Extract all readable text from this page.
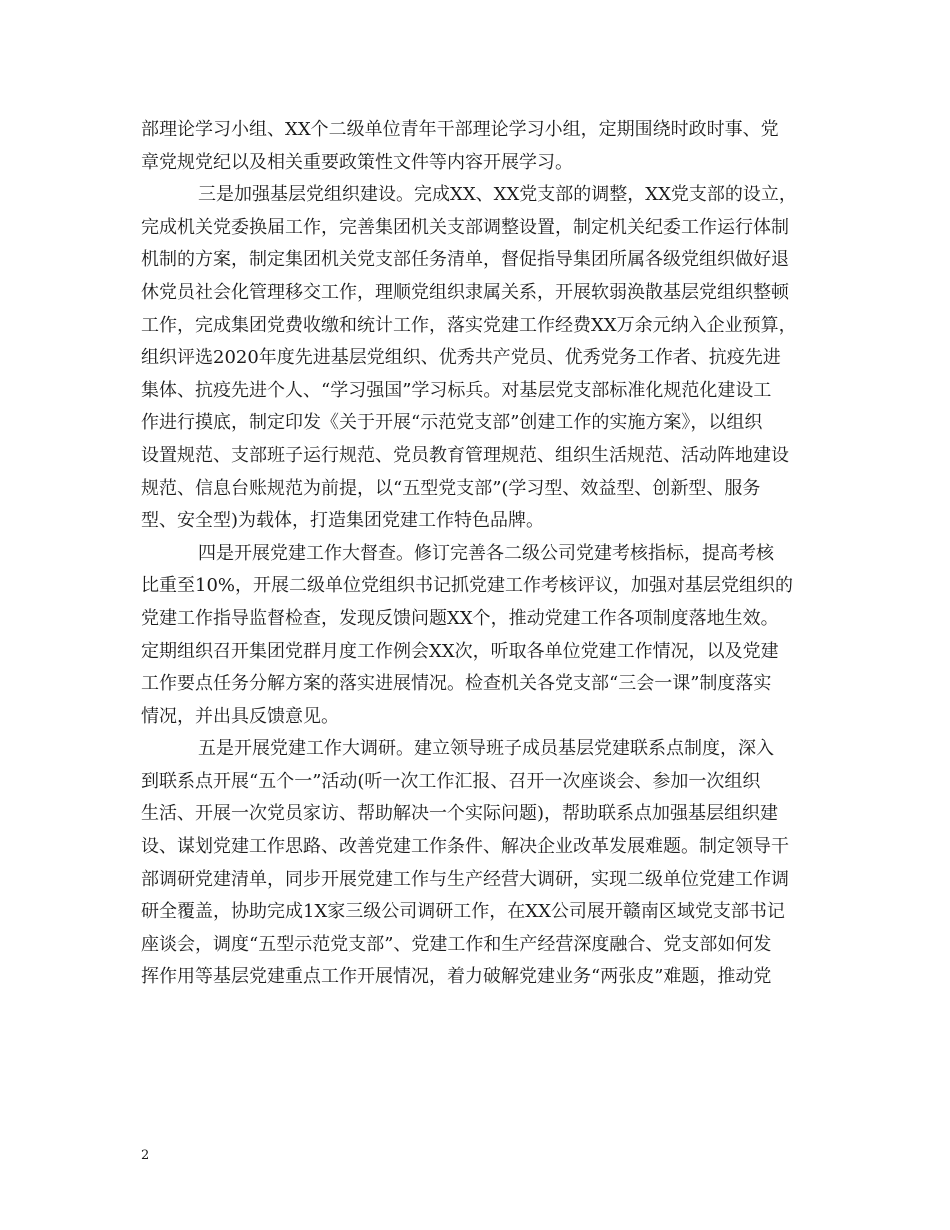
部理论学习小组、XX个二级单位青年干部理论学习小组，定期围绕时政时事、党
章党规党纪以及相关重要政策性文件等内容开展学习。
三是加强基层党组织建设。完成XX、XX党支部的调整，XX党支部的设立，
完成机关党委换届工作，完善集团机关支部调整设置，制定机关纪委工作运行体制
机制的方案，制定集团机关党支部任务清单，督促指导集团所属各级党组织做好退
休党员社会化管理移交工作，理顺党组织隶属关系，开展软弱涣散基层党组织整顿
工作，完成集团党费收缴和统计工作，落实党建工作经费XX万余元纳入企业预算，
组织评选2020年度先进基层党组织、优秀共产党员、优秀党务工作者、抗疫先进
集体、抗疫先进个人、“学习强国”学习标兵。对基层党支部标准化规范化建设工
作进行摸底，制定印发《关于开展“示范党支部”创建工作的实施方案》，以组织
设置规范、支部班子运行规范、党员教育管理规范、组织生活规范、活动阵地建设
规范、信息台账规范为前提，以“五型党支部”(学习型、效益型、创新型、服务
型、安全型)为载体，打造集团党建工作特色品牌。
四是开展党建工作大督查。修订完善各二级公司党建考核指标，提高考核
比重至10%，开展二级单位党组织书记抓党建工作考核评议，加强对基层党组织的
党建工作指导监督检查，发现反馈问题XX个，推动党建工作各项制度落地生效。
定期组织召开集团党群月度工作例会XX次，听取各单位党建工作情况，以及党建
工作要点任务分解方案的落实进展情况。检查机关各党支部“三会一课”制度落实
情况，并出具反馈意见。
五是开展党建工作大调研。建立领导班子成员基层党建联系点制度，深入
到联系点开展“五个一”活动(听一次工作汇报、召开一次座谈会、参加一次组织
生活、开展一次党员家访、帮助解决一个实际问题)，帮助联系点加强基层组织建
设、谋划党建工作思路、改善党建工作条件、解决企业改革发展难题。制定领导干
部调研党建清单，同步开展党建工作与生产经营大调研，实现二级单位党建工作调
研全覆盖，协助完成1X家三级公司调研工作，在XX公司展开赣南区域党支部书记
座谈会，调度“五型示范党支部”、党建工作和生产经营深度融合、党支部如何发
挥作用等基层党建重点工作开展情况，着力破解党建业务“两张皮”难题，推动党
2
